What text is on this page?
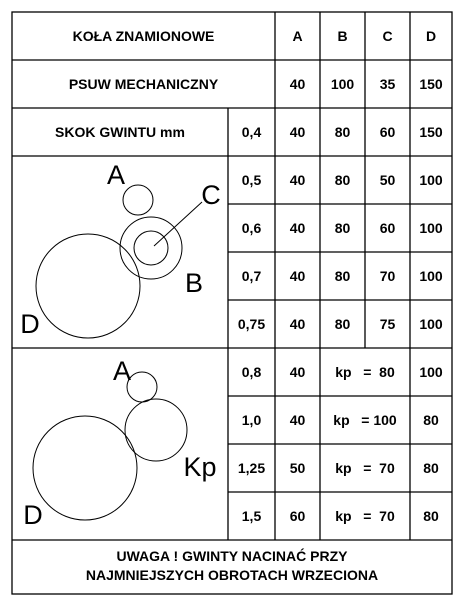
KOŁA ZNAMIONOWE	A	B	C	D
PSUW MECHANICZNY	40	100	35	150
SKOK GWINTU mm	0,4	40	80	60	150
A
C
B
D
0,5	40	80	50	100
0,6	40	80	60	100
0,7	40	80	70	100
0,75	40	80	75	100
A
Kp
D
0,8	40	kp   =  80	100
1,0	40	kp   = 100	80
1,25	50	kp   =  70	80
1,5	60	kp   =  70	80
UWAGA ! GWINTY NACINAĆ PRZY
NAJMNIEJSZYCH OBROTACH WRZECIONA
